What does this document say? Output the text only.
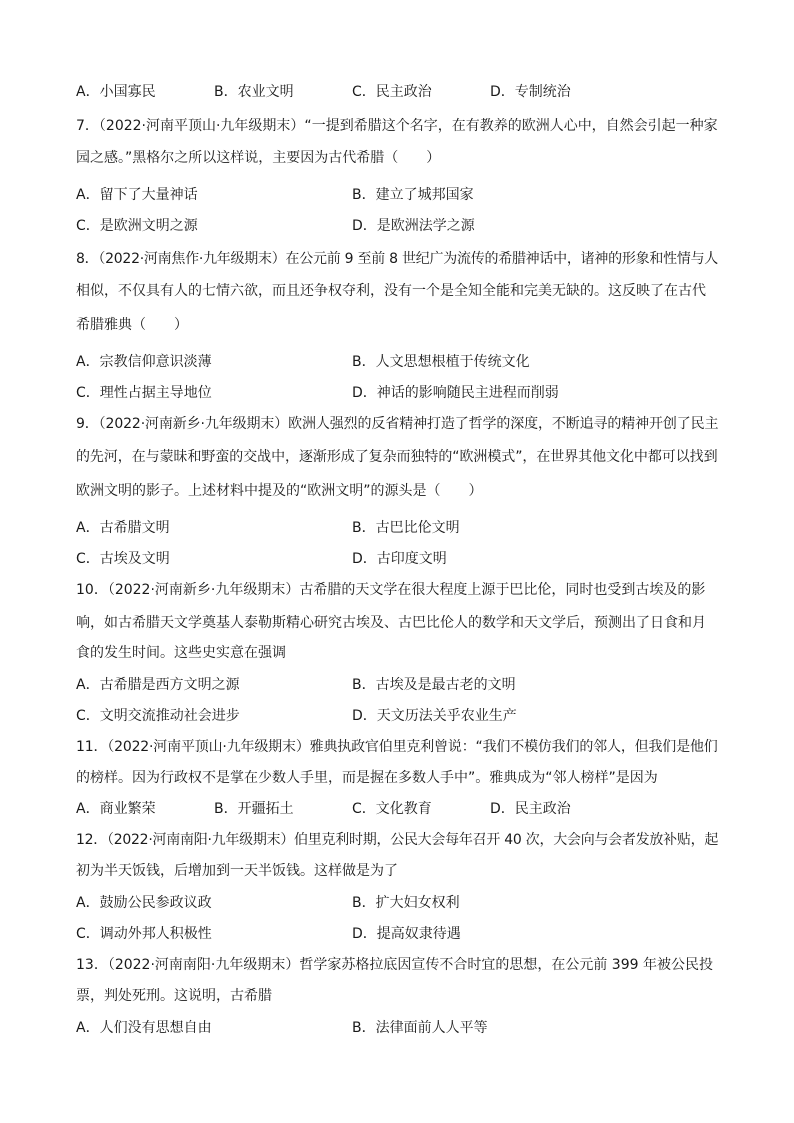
A．小国寡民	B．农业文明	C．民主政治	D．专制统治
7．（2022·河南平顶山·九年级期末）“一提到希腊这个名字，在有教养的欧洲人心中，自然会引起一种家
园之感。”黑格尔之所以这样说，主要因为古代希腊（　　）
A．留下了大量神话	B．建立了城邦国家
C．是欧洲文明之源	D．是欧洲法学之源
8．（2022·河南焦作·九年级期末）在公元前 9 至前 8 世纪广为流传的希腊神话中，诸神的形象和性情与人
相似，不仅具有人的七情六欲，而且还争权夺利，没有一个是全知全能和完美无缺的。这反映了在古代
希腊雅典（　　）
A．宗教信仰意识淡薄	B．人文思想根植于传统文化
C．理性占据主导地位	D．神话的影响随民主进程而削弱
9．（2022·河南新乡·九年级期末）欧洲人强烈的反省精神打造了哲学的深度，不断追寻的精神开创了民主
的先河，在与蒙昧和野蛮的交战中，逐渐形成了复杂而独特的“欧洲模式”，在世界其他文化中都可以找到
欧洲文明的影子。上述材料中提及的“欧洲文明”的源头是（　　）
A．古希腊文明	B．古巴比伦文明
C．古埃及文明	D．古印度文明
10．（2022·河南新乡·九年级期末）古希腊的天文学在很大程度上源于巴比伦，同时也受到古埃及的影
响，如古希腊天文学奠基人泰勒斯精心研究古埃及、古巴比伦人的数学和天文学后，预测出了日食和月
食的发生时间。这些史实意在强调
A．古希腊是西方文明之源	B．古埃及是最古老的文明
C．文明交流推动社会进步	D．天文历法关乎农业生产
11．（2022·河南平顶山·九年级期末）雅典执政官伯里克利曾说：“我们不模仿我们的邻人，但我们是他们
的榜样。因为行政权不是掌在少数人手里，而是握在多数人手中”。雅典成为“邻人榜样”是因为
A．商业繁荣	B．开疆拓土	C．文化教育	D．民主政治
12．（2022·河南南阳·九年级期末）伯里克利时期，公民大会每年召开 40 次，大会向与会者发放补贴，起
初为半天饭钱，后增加到一天半饭钱。这样做是为了
A．鼓励公民参政议政	B．扩大妇女权利
C．调动外邦人积极性	D．提高奴隶待遇
13．（2022·河南南阳·九年级期末）哲学家苏格拉底因宣传不合时宜的思想，在公元前 399 年被公民投
票，判处死刑。这说明，古希腊
A．人们没有思想自由	B．法律面前人人平等
